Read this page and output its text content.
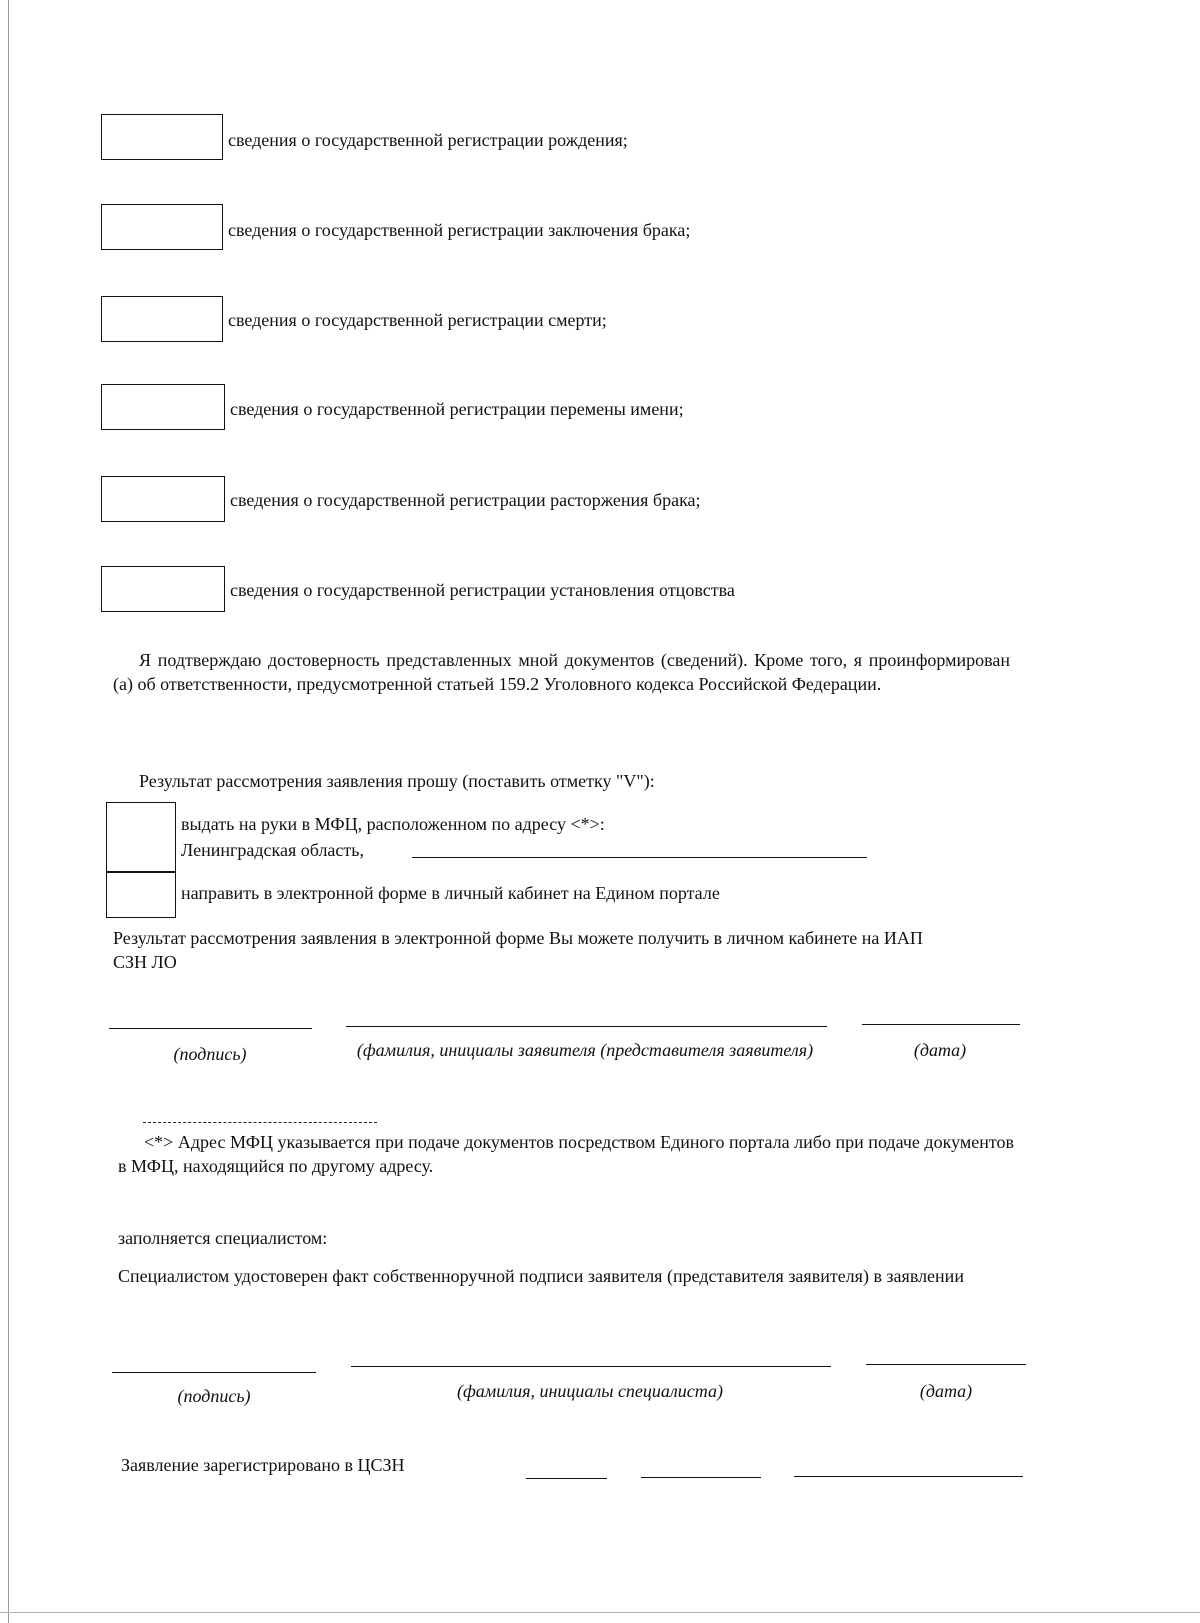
сведения о государственной регистрации рождения;
сведения о государственной регистрации заключения брака;
сведения о государственной регистрации смерти;
сведения о государственной регистрации перемены имени;
сведения о государственной регистрации расторжения брака;
сведения о государственной регистрации установления отцовства
Я подтверждаю достоверность представленных мной документов (сведений). Кроме того, я проинформирован (а) об ответственности, предусмотренной статьей 159.2 Уголовного кодекса Российской Федерации.
Результат рассмотрения заявления прошу (поставить отметку "V"):
выдать на руки в МФЦ, расположенном по адресу <*>:
Ленинградская область,
направить в электронной форме в личный кабинет на Едином портале
Результат рассмотрения заявления в электронной форме Вы можете получить в личном кабинете на ИАП СЗН ЛО
(подпись)	(фамилия, инициалы заявителя (представителя заявителя)	(дата)
<*> Адрес МФЦ указывается при подаче документов посредством Единого портала либо при подаче документов в МФЦ, находящийся по другому адресу.
заполняется специалистом:
Специалистом удостоверен факт собственноручной подписи заявителя (представителя заявителя) в заявлении
(подпись)	(фамилия, инициалы специалиста)	(дата)
Заявление зарегистрировано в ЦСЗН
